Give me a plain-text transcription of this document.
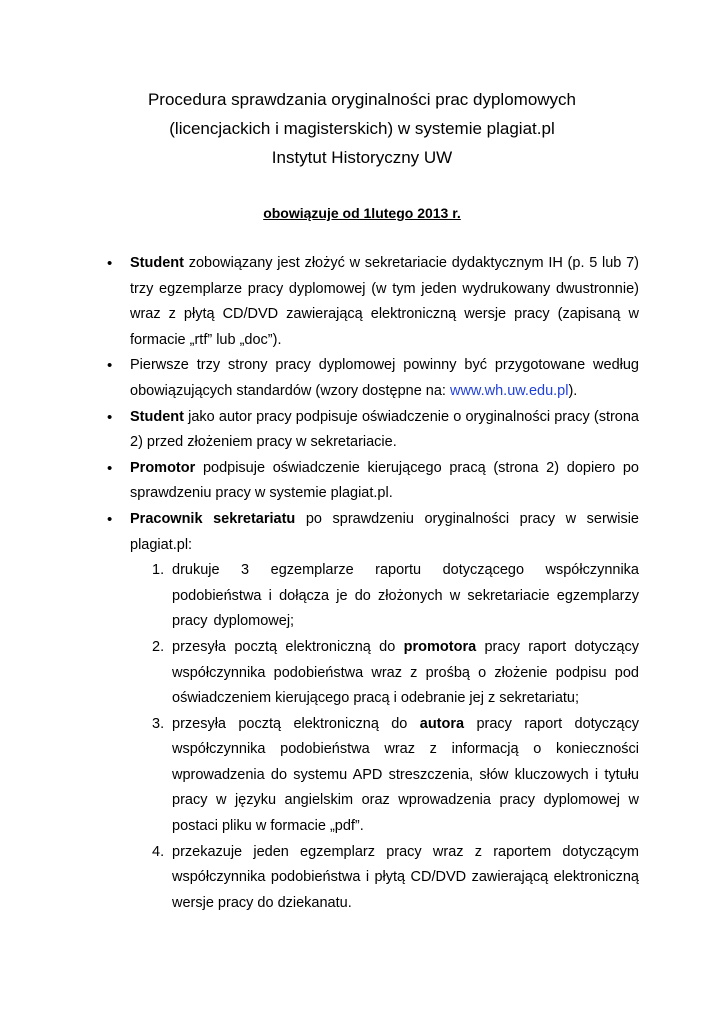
Procedura sprawdzania oryginalności prac dyplomowych
(licencjackich i magisterskich) w systemie plagiat.pl
Instytut Historyczny UW
obowiązuje od 1lutego 2013 r.
•
Student zobowiązany jest złożyć w sekretariacie dydaktycznym IH (p. 5 lub 7) trzy egzemplarze pracy dyplomowej (w tym jeden wydrukowany dwustronnie) wraz z płytą CD/DVD zawierającą elektroniczną wersje pracy (zapisaną w formacie „rtf” lub „doc”).
•
Pierwsze trzy strony pracy dyplomowej powinny być przygotowane według obowiązujących standardów (wzory dostępne na: www.wh.uw.edu.pl).
•
Student jako autor pracy podpisuje oświadczenie o oryginalności pracy (strona 2) przed złożeniem pracy w sekretariacie.
•
Promotor podpisuje oświadczenie kierującego pracą (strona 2) dopiero po sprawdzeniu pracy w systemie plagiat.pl.
•
Pracownik sekretariatu po sprawdzeniu oryginalności pracy w serwisie plagiat.pl:
1. drukuje 3 egzemplarze raportu dotyczącego współczynnika podobieństwa i dołącza je do złożonych w sekretariacie egzemplarzy pracy dyplomowej;
2. przesyła pocztą elektroniczną do promotora pracy raport dotyczący współczynnika podobieństwa wraz z prośbą o złożenie podpisu pod oświadczeniem kierującego pracą i odebranie jej z sekretariatu;
3. przesyła pocztą elektroniczną do autora pracy raport dotyczący współczynnika podobieństwa wraz z informacją o konieczności wprowadzenia do systemu APD streszczenia, słów kluczowych i tytułu pracy w języku angielskim oraz wprowadzenia pracy dyplomowej w postaci pliku w formacie „pdf”.
4. przekazuje jeden egzemplarz pracy wraz z raportem dotyczącym współczynnika podobieństwa i płytą CD/DVD zawierającą elektroniczną wersje pracy do dziekanatu.
